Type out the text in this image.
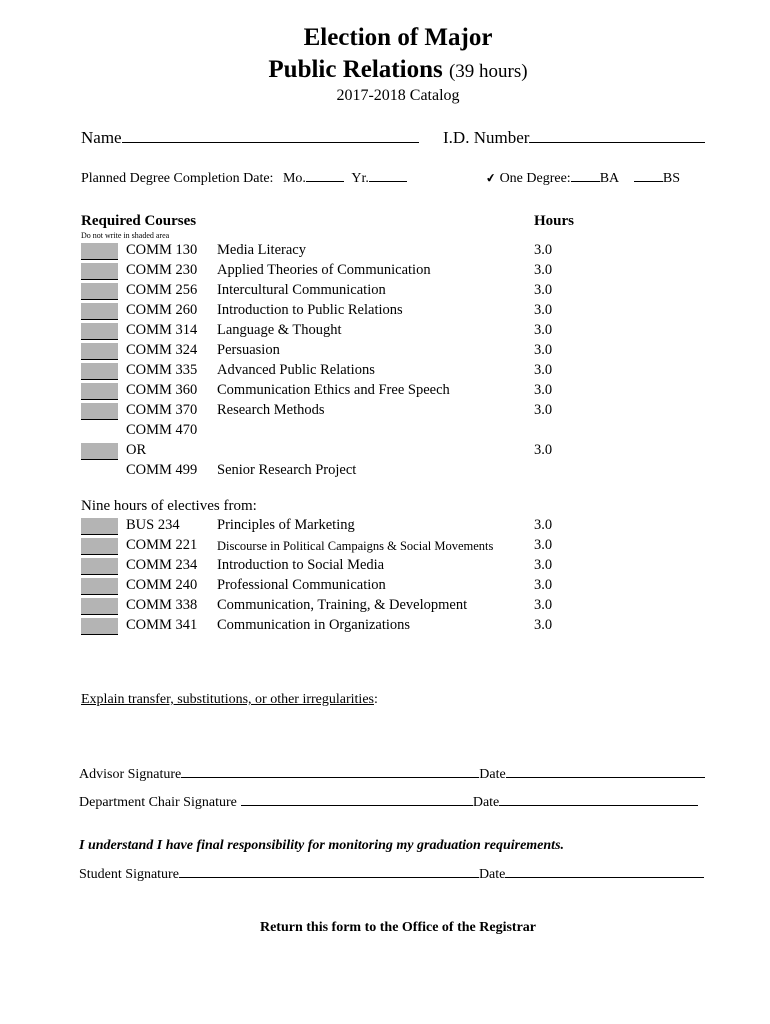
Election of Major
Public Relations (39 hours)
2017-2018 Catalog
Name	I.D. Number
Planned Degree Completion Date: Mo.	Yr.	✔ One Degree: BA	BS
Required Courses	Hours
Do not write in shaded area
COMM 130 Media Literacy	3.0
COMM 230 Applied Theories of Communication	3.0
COMM 256 Intercultural Communication	3.0
COMM 260 Introduction to Public Relations	3.0
COMM 314 Language & Thought	3.0
COMM 324 Persuasion	3.0
COMM 335 Advanced Public Relations	3.0
COMM 360 Communication Ethics and Free Speech	3.0
COMM 370 Research Methods	3.0
COMM 470
OR	3.0
COMM 499 Senior Research Project
Nine hours of electives from:
BUS 234	Principles of Marketing	3.0
COMM 221 Discourse in Political Campaigns & Social Movements	3.0
COMM 234 Introduction to Social Media	3.0
COMM 240 Professional Communication	3.0
COMM 338 Communication, Training, & Development	3.0
COMM 341 Communication in Organizations	3.0
Explain transfer, substitutions, or other irregularities:
Advisor Signature	Date
Department Chair Signature	Date
I understand I have final responsibility for monitoring my graduation requirements.
Student Signature	Date
Return this form to the Office of the Registrar
